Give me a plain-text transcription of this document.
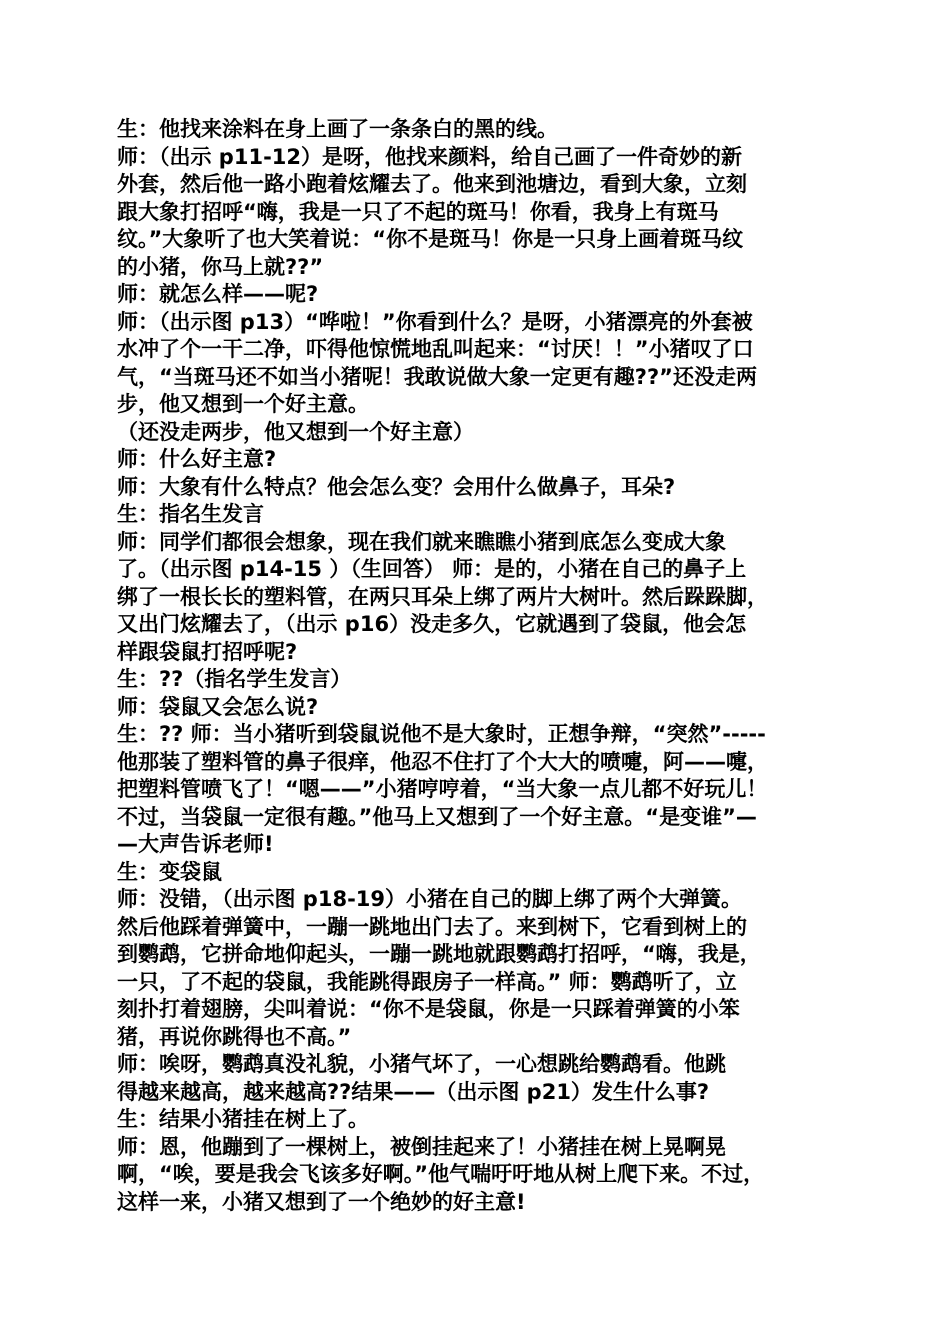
生：他找来涂料在身上画了一条条白的黑的线。
师：（出示 p11-12）是呀，他找来颜料，给自己画了一件奇妙的新
外套，然后他一路小跑着炫耀去了。他来到池塘边，看到大象，立刻
跟大象打招呼“嗨，我是一只了不起的斑马！你看，我身上有斑马
纹。”大象听了也大笑着说：“你不是斑马！你是一只身上画着斑马纹
的小猪，你马上就??”
师：就怎么样——呢?
师：（出示图 p13）“哗啦！”你看到什么？是呀，小猪漂亮的外套被
水冲了个一干二净，吓得他惊慌地乱叫起来：“讨厌！！”小猪叹了口
气，“当斑马还不如当小猪呢！我敢说做大象一定更有趣??”还没走两
步，他又想到一个好主意。
（还没走两步，他又想到一个好主意）
师：什么好主意?
师：大象有什么特点？他会怎么变？会用什么做鼻子，耳朵?
生：指名生发言
师：同学们都很会想象，现在我们就来瞧瞧小猪到底怎么变成大象
了。（出示图 p14-15 ）（生回答） 师：是的，小猪在自己的鼻子上
绑了一根长长的塑料管，在两只耳朵上绑了两片大树叶。然后跺跺脚，
又出门炫耀去了，（出示 p16）没走多久，它就遇到了袋鼠，他会怎
样跟袋鼠打招呼呢?
生：??（指名学生发言）
师：袋鼠又会怎么说?
生：?? 师：当小猪听到袋鼠说他不是大象时，正想争辩，“突然”-----
他那装了塑料管的鼻子很痒，他忍不住打了个大大的喷嚏，阿——嚏，
把塑料管喷飞了！“嗯——”小猪哼哼着，“当大象一点儿都不好玩儿！
不过，当袋鼠一定很有趣。”他马上又想到了一个好主意。“是变谁”—
—大声告诉老师!
生：变袋鼠
师：没错，（出示图 p18-19）小猪在自己的脚上绑了两个大弹簧。
然后他踩着弹簧中，一蹦一跳地出门去了。来到树下，它看到树上的
到鹦鹉，它拼命地仰起头，一蹦一跳地就跟鹦鹉打招呼，“嗨，我是，
一只，了不起的袋鼠，我能跳得跟房子一样高。” 师：鹦鹉听了，立
刻扑打着翅膀，尖叫着说：“你不是袋鼠，你是一只踩着弹簧的小笨
猪，再说你跳得也不高。”
师：唉呀，鹦鹉真没礼貌，小猪气坏了，一心想跳给鹦鹉看。他跳
得越来越高，越来越高??结果——（出示图 p21）发生什么事?
生：结果小猪挂在树上了。
师：恩，他蹦到了一棵树上，被倒挂起来了！小猪挂在树上晃啊晃
啊，“唉，要是我会飞该多好啊。”他气喘吁吁地从树上爬下来。不过，
这样一来，小猪又想到了一个绝妙的好主意!
